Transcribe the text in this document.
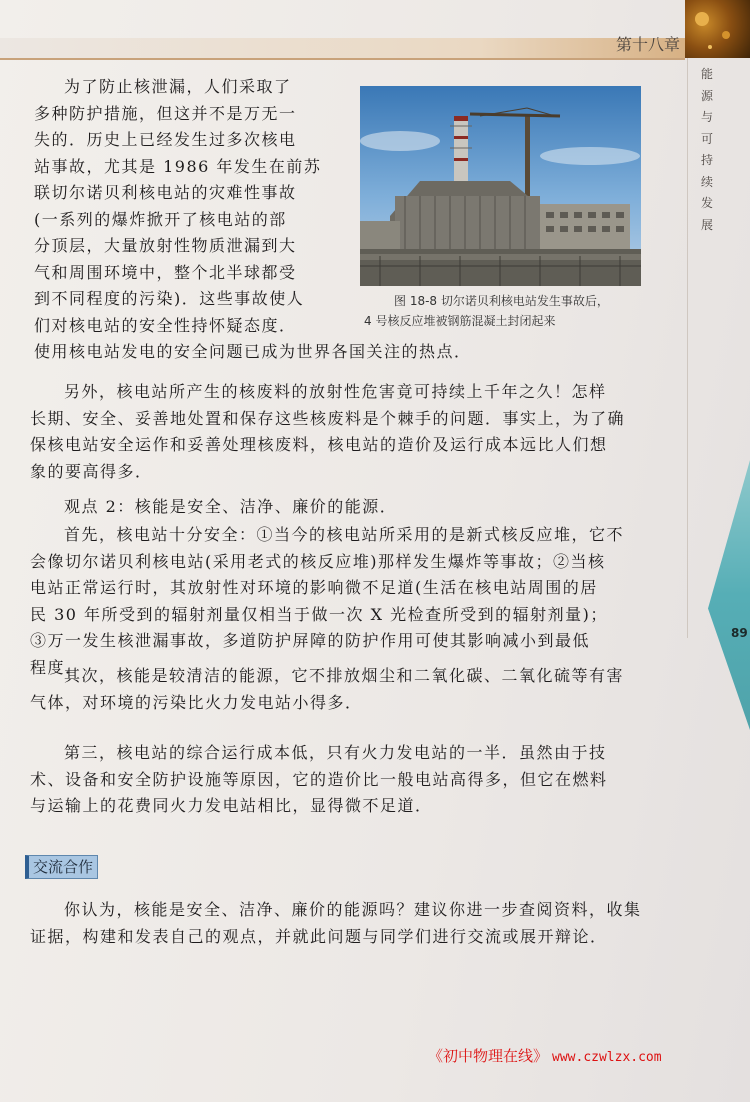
第十八章
能
源
与
可
持
续
发
展
89
图 18-8 切尔诺贝利核电站发生事故后，
4 号核反应堆被钢筋混凝土封闭起来
为了防止核泄漏，人们采取了
多种防护措施，但这并不是万无一
失的．历史上已经发生过多次核电
站事故，尤其是 1986 年发生在前苏
联切尔诺贝利核电站的灾难性事故
(一系列的爆炸掀开了核电站的部
分顶层，大量放射性物质泄漏到大
气和周围环境中，整个北半球都受
到不同程度的污染)．这些事故使人
们对核电站的安全性持怀疑态度．
使用核电站发电的安全问题已成为世界各国关注的热点．
另外，核电站所产生的核废料的放射性危害竟可持续上千年之久！怎样
长期、安全、妥善地处置和保存这些核废料是个棘手的问题．事实上，为了确
保核电站安全运作和妥善处理核废料，核电站的造价及运行成本远比人们想
象的要高得多．
观点 2：核能是安全、洁净、廉价的能源．
首先，核电站十分安全：①当今的核电站所采用的是新式核反应堆，它不
会像切尔诺贝利核电站(采用老式的核反应堆)那样发生爆炸等事故；②当核
电站正常运行时，其放射性对环境的影响微不足道(生活在核电站周围的居
民 30 年所受到的辐射剂量仅相当于做一次 X 光检查所受到的辐射剂量)；
③万一发生核泄漏事故，多道防护屏障的防护作用可使其影响减小到最低
程度．
其次，核能是较清洁的能源，它不排放烟尘和二氧化碳、二氧化硫等有害
气体，对环境的污染比火力发电站小得多．
第三，核电站的综合运行成本低，只有火力发电站的一半．虽然由于技
术、设备和安全防护设施等原因，它的造价比一般电站高得多，但它在燃料
与运输上的花费同火力发电站相比，显得微不足道．
交流合作
你认为，核能是安全、洁净、廉价的能源吗？建议你进一步查阅资料，收集
证据，构建和发表自己的观点，并就此问题与同学们进行交流或展开辩论．
《初中物理在线》 www.czwlzx.com
